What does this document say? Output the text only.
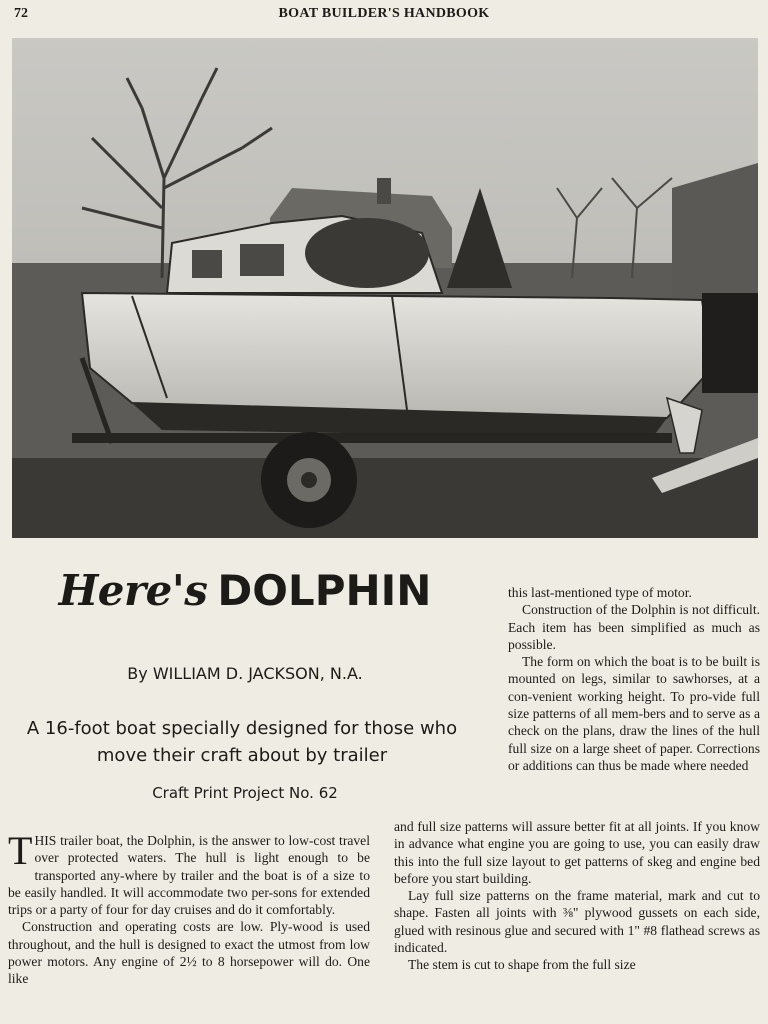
72	BOAT BUILDER'S HANDBOOK
Here's DOLPHIN
By WILLIAM D. JACKSON, N.A.
A 16-foot boat specially designed for those who move their craft about by trailer
Craft Print Project No. 62

this last-mentioned type of motor.

Construction of the Dolphin is not difficult. Each item has been simplified as much as possible.

The form on which the boat is to be built is mounted on legs, similar to sawhorses, at a con-venient working height. To pro-vide full size patterns of all mem-bers and to serve as a check on the plans, draw the lines of the hull full size on a large sheet of paper. Corrections or additions can thus be made where needed

THIS trailer boat, the Dolphin, is the answer to low-cost travel over protected waters. The hull is light enough to be transported any-where by trailer and the boat is of a size to be easily handled. It will accommodate two per-sons for extended trips or a party of four for day cruises and do it comfortably.

Construction and operating costs are low. Ply-wood is used throughout, and the hull is designed to exact the utmost from low power motors. Any engine of 2½ to 8 horsepower will do. One like

and full size patterns will assure better fit at all joints. If you know in advance what engine you are going to use, you can easily draw this into the full size layout to get patterns of skeg and engine bed before you start building.

Lay full size patterns on the frame material, mark and cut to shape. Fasten all joints with ⅜" plywood gussets on each side, glued with resinous glue and secured with 1" #8 flathead screws as indicated.

The stem is cut to shape from the full size
